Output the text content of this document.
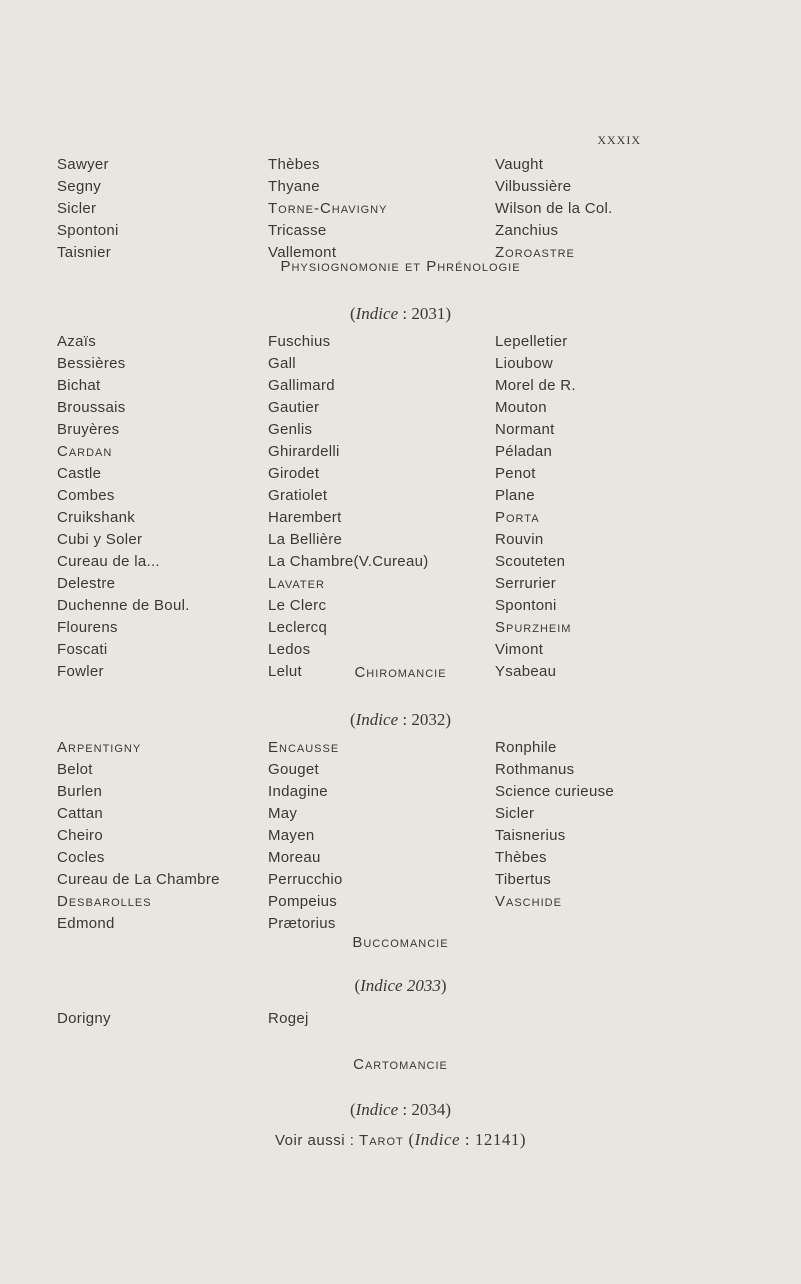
XXXIX
Sawyer
Segny
Sicler
Spontoni
Taisnier
Thèbes
Thyane
Torne-Chavigny
Tricasse
Vallemont
Vaught
Vilbussière
Wilson de la Col.
Zanchius
Zoroastre
Physiognomonie et Phrénologie
(Indice : 2031)
Azaïs
Bessières
Bichat
Broussais
Bruyères
Cardan
Castle
Combes
Cruikshank
Cubi y Soler
Cureau de la...
Delestre
Duchenne de Boul.
Flourens
Foscati
Fowler
Fuschius
Gall
Gallimard
Gautier
Genlis
Ghirardelli
Girodet
Gratiolet
Harembert
La Bellière
La Chambre(V.Cureau)
Lavater
Le Clerc
Leclercq
Ledos
Lelut
Lepelletier
Lioubow
Morel de R.
Mouton
Normant
Péladan
Penot
Plane
Porta
Rouvin
Scouteten
Serrurier
Spontoni
Spurzheim
Vimont
Ysabeau
Chiromancie
(Indice : 2032)
Arpentigny
Belot
Burlen
Cattan
Cheiro
Cocles
Cureau de La Chambre
Desbarolles
Edmond
Encausse
Gouget
Indagine
May
Mayen
Moreau
Perrucchio
Pompeius
Prætorius
Ronphile
Rothmanus
Science curieuse
Sicler
Taisnerius
Thèbes
Tibertus
Vaschide
Buccomancie
(Indice 2033)
Dorigny	Rogej
Cartomancie
(Indice : 2034)
Voir aussi : Tarot (Indice : 12141)
